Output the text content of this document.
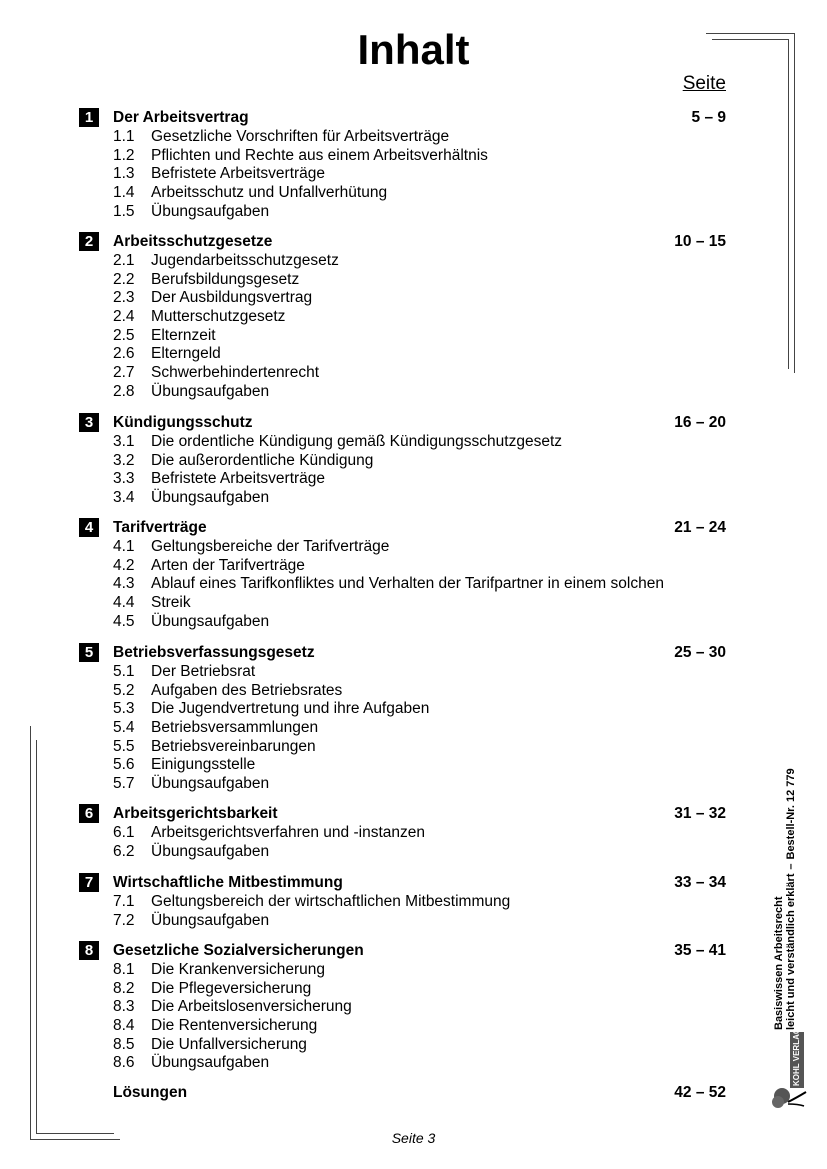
Inhalt
Seite
1	Der Arbeitsvertrag	5 – 9
1.1 Gesetzliche Vorschriften für Arbeitsverträge
1.2 Pflichten und Rechte aus einem Arbeitsverhältnis
1.3 Befristete Arbeitsverträge
1.4 Arbeitsschutz und Unfallverhütung
1.5 Übungsaufgaben
2	Arbeitsschutzgesetze	10 – 15
2.1 Jugendarbeitsschutzgesetz
2.2 Berufsbildungsgesetz
2.3 Der Ausbildungsvertrag
2.4 Mutterschutzgesetz
2.5 Elternzeit
2.6 Elterngeld
2.7 Schwerbehindertenrecht
2.8 Übungsaufgaben
3	Kündigungsschutz	16 – 20
3.1 Die ordentliche Kündigung gemäß Kündigungsschutzgesetz
3.2 Die außerordentliche Kündigung
3.3 Befristete Arbeitsverträge
3.4 Übungsaufgaben
4	Tarifverträge	21 – 24
4.1 Geltungsbereiche der Tarifverträge
4.2 Arten der Tarifverträge
4.3 Ablauf eines Tarifkonfliktes und Verhalten der Tarifpartner in einem solchen
4.4 Streik
4.5 Übungsaufgaben
5	Betriebsverfassungsgesetz	25 – 30
5.1 Der Betriebsrat
5.2 Aufgaben des Betriebsrates
5.3 Die Jugendvertretung und ihre Aufgaben
5.4 Betriebsversammlungen
5.5 Betriebsvereinbarungen
5.6 Einigungsstelle
5.7 Übungsaufgaben
6	Arbeitsgerichtsbarkeit	31 – 32
6.1 Arbeitsgerichtsverfahren und -instanzen
6.2 Übungsaufgaben
7	Wirtschaftliche Mitbestimmung	33 – 34
7.1 Geltungsbereich der wirtschaftlichen Mitbestimmung
7.2 Übungsaufgaben
8	Gesetzliche Sozialversicherungen	35 – 41
8.1 Die Krankenversicherung
8.2 Die Pflegeversicherung
8.3 Die Arbeitslosenversicherung
8.4 Die Rentenversicherung
8.5 Die Unfallversicherung
8.6 Übungsaufgaben
Lösungen	42 – 52
Seite 3
Basiswissen Arbeitsrecht leicht und verständlich erklärt–Bestell-Nr. 12 779
KOHL VERLAG
